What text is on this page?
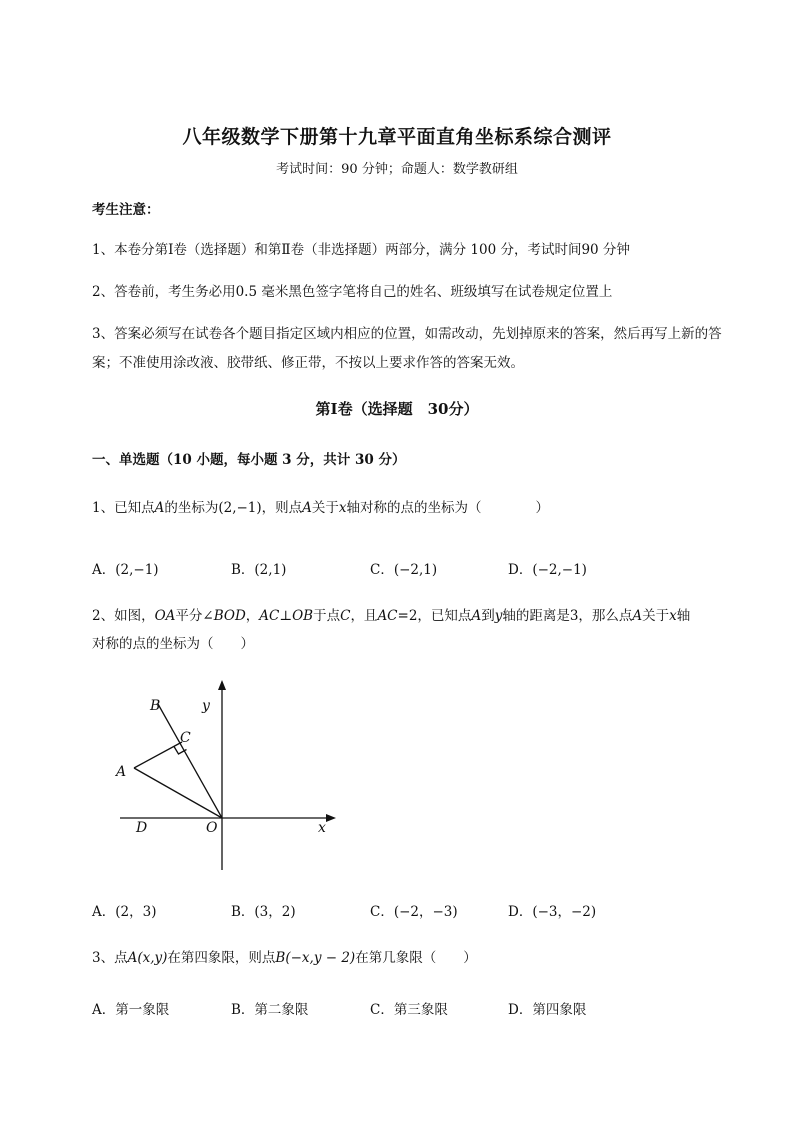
八年级数学下册第十九章平面直角坐标系综合测评
考试时间：90 分钟；命题人：数学教研组
考生注意：
1、本卷分第Ⅰ卷（选择题）和第Ⅱ卷（非选择题）两部分，满分 100 分，考试时间90 分钟
2、答卷前，考生务必用0.5 毫米黑色签字笔将自己的姓名、班级填写在试卷规定位置上
3、答案必须写在试卷各个题目指定区域内相应的位置，如需改动，先划掉原来的答案，然后再写上新的答案；不准使用涂改液、胶带纸、修正带，不按以上要求作答的答案无效。
第Ⅰ卷（选择题　30分）
一、单选题（10 小题，每小题 3 分，共计 30 分）
1、已知点A的坐标为(2,−1)，则点A关于x轴对称的点的坐标为（　　　　）
A．(2,−1)	B．(2,1)	C．(−2,1)	D．(−2,−1)
2、如图，OA平分∠BOD，AC⊥OB于点C，且AC=2，已知点A到y轴的距离是3，那么点A关于x轴
对称的点的坐标为（　　）
B
C
A
D	O	x
y
A．(2，3)	B．(3，2)	C．(−2，−3)	D．(−3，−2)
3、点A(x,y)在第四象限，则点B(−x,y − 2)在第几象限（　　）
A．第一象限	B．第二象限	C．第三象限	D．第四象限
